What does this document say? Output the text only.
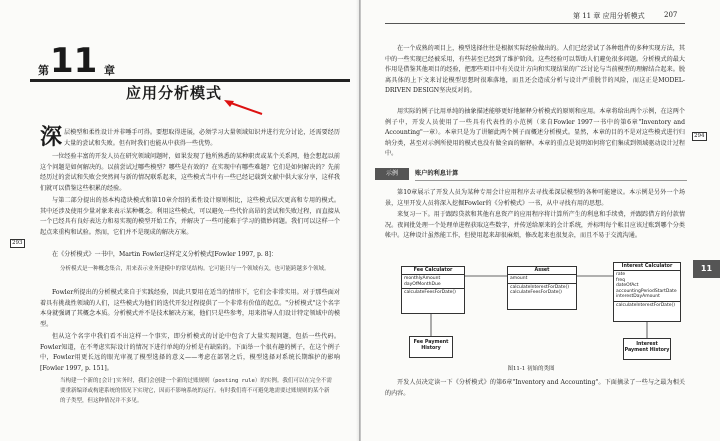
第 11 章
应用分析模式
深 层模型和柔性设计并非唾手可得。要想取得进展，必须学习大量领域知识并进行充分讨论，还需要经历大量的尝试和失败。但有时我们也能从中获得一些优势。
一位经验丰富的开发人员在研究领域问题时，如果发现了他所熟悉的某种职责或某个关系网，他会想起以前这个问题是如何解决的。以前尝试过哪些模型？哪些是有效的？在实现中有哪些难题？它们是如何解决的？先前经历过的尝试和失败会突然间与新的情况联系起来，这些模式当中有一些已经记载到文献中供大家分享，这样我们就可以借鉴这些积累的经验。
与第二部分提出的基本构造块模式和第10章介绍的柔性设计原则相比，这些模式层次更高和专用的模式。其中还涉及使用少量对象来表示某种概念。利用这些模式，可以避免一些代价高昂的尝试和失败过程，而直接从一个已经具有良好表达力和易实现的模型开始工作，并解决了一些可能难于学习的微妙问题。我们可以这样一个起点来重构和试验。然而，它们并不是现成的解决方案。
293
在《分析模式》一书中，Martin Fowler这样定义分析模式[Fowler 1997, p. 8]：
分析模式是一种概念集合，用来表示业务建模中的常见结构。它可能只与一个领域有关，也可能跨越多个领域。
Fowler所提出的分析模式来自于实践经验，因此只要用在适当的情形下，它们会非常实用。对于那些面对着具有挑战性领域的人们，这些模式为他们的迭代开发过程提供了一个非常有价值的起点。"分析模式"这个名字本身就强调了其概念本质。分析模式并不是技术解决方案，他们只是些参考，用来指导人们设计特定领域中的模型。
但从这个名字中我们看不出这样一个事实，即分析模式的讨论中包含了大量实现问题，包括一些代码。Fowler知道，在不考虑实际设计的情况下进行单纯的分析是有缺陷的。下面举一个很有趣的例子，在这个例子中，Fowler用更长远的眼光审视了模型选择的意义——考虑在部署之后，模型选择对系统长期维护的影响[Fowler 1997, p. 151]。
当构建一个新的[会计]实务时，我们会创建一个新的过账规则（posting rule）的实例。我们可以在完全不需要重新编译或构建系统的情况下实现它，因而不影响系统的运行。有时我们将不可避免地需要过账规则的某个新的子类型，但这种情况并不多见。
第 11 章 应用分析模式	207
在一个成熟的项目上，模型选择往往是根据实际经验做出的。人们已经尝试了各种组件的多种实现方法，其中的一些实现已经被采用，有些甚至已经到了维护阶段。这些经验可以帮助人们避免很多问题。分析模式的最大作用是借鉴其他项目的经验，把那些项目中有关设计方向和实现结果的广泛讨论与当前模型的理解结合起来。脱离具体的上下文来讨论模型思想时很难落地，而且还会造成分析与设计严重脱节的风险，而这正是MODEL-DRIVEN DESIGN坚决反对的。
用实际的例子比用单纯的抽象描述能够更好地解释分析模式的原则和应用。本章将给出两个示例，在这两个例子中，开发人员使用了一些具有代表性的小范例（来自Fowler 1997一书中的第6章"Inventory and Accounting"一章）。本章只是为了讲解此两个例子而概述分析模式。显然，本章的目的不是对这些模式进行归纳分类，甚至对示例所使用的模式也没有做全面的解释。本章的重点是说明如何将它们集成到领域驱动设计过程中。
294
示例	账户的利息计算
第10章展示了开发人员为某种专用会计应用程序去寻找柔深层模型的各种可能建议。本示例是另外一个场景，这里开发人员将深入挖掘Fowler的《分析模式》一书，从中寻找有用的思想。
来复习一下。用于跟踪贷款和其他有息资产的应用程序将计算所产生的利息和手续费，并跟踪借方的付款情况。夜间批处理一个处理单进程获取这些数字，并传送给原来的会计系统，并标明每个帐目应该过账到哪个分类帐中。这种设计虽然能工作，但使用起来却很麻烦，修改起来也很复杂，而且不易于交流沟通。
11
Fee Calculator
monthlyAmount
dayOfMonthDue
calculateFeesForDate()
Asset
amount
calculateInterestForDate()
calculateFeesForDate()
Interest Calculator
rate
freq
dateOfAct
accountingPeriodStartDate
interestDayAmount
calculateInterestForDate()
Fee Payment History
Interest Payment History
图11-1 初始的类图
开发人员决定读一下《分析模式》的第6章"Inventory and Accounting"。下面摘录了一些与之最为相关的内容。
